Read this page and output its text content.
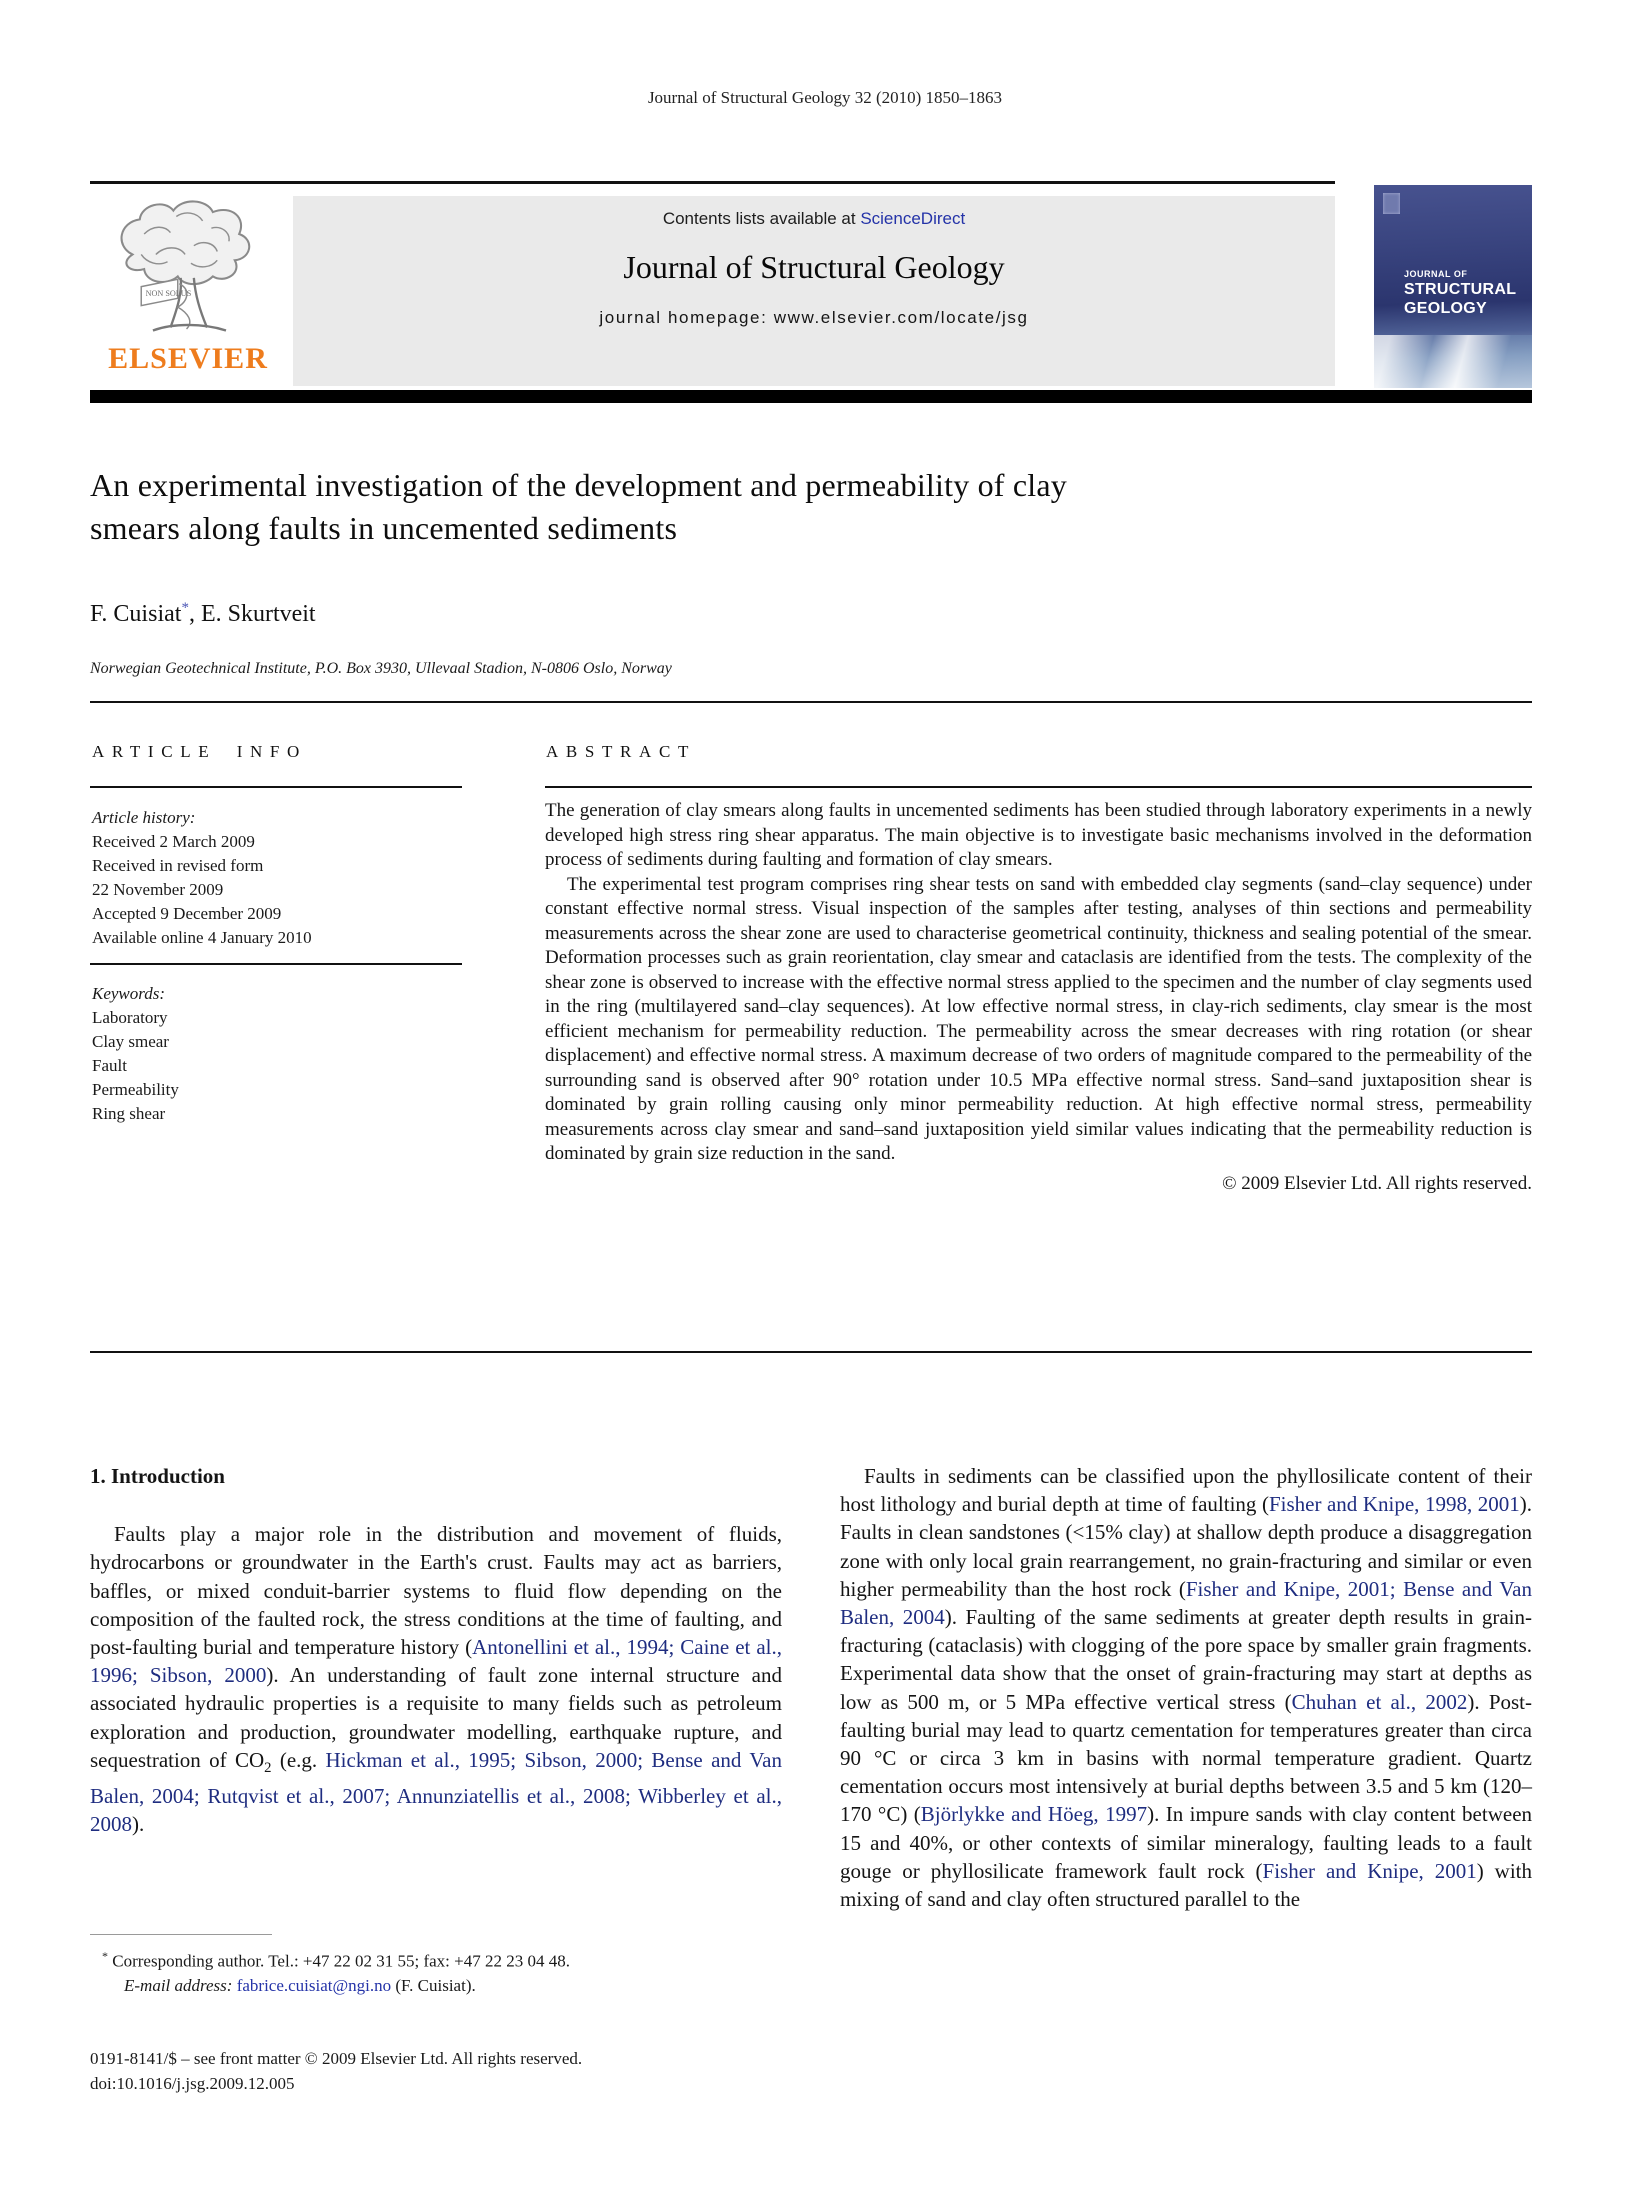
Journal of Structural Geology 32 (2010) 1850–1863
NON SOLUS
ELSEVIER
Contents lists available at ScienceDirect
Journal of Structural Geology
journal homepage: www.elsevier.com/locate/jsg
JOURNAL OF
STRUCTURAL
GEOLOGY
An experimental investigation of the development and permeability of clay smears along faults in uncemented sediments
F. Cuisiat*, E. Skurtveit
Norwegian Geotechnical Institute, P.O. Box 3930, Ullevaal Stadion, N-0806 Oslo, Norway
ARTICLE INFO
Article history:
Received 2 March 2009
Received in revised form
22 November 2009
Accepted 9 December 2009
Available online 4 January 2010
Keywords:
Laboratory
Clay smear
Fault
Permeability
Ring shear
ABSTRACT

The generation of clay smears along faults in uncemented sediments has been studied through laboratory experiments in a newly developed high stress ring shear apparatus. The main objective is to investigate basic mechanisms involved in the deformation process of sediments during faulting and formation of clay smears.

The experimental test program comprises ring shear tests on sand with embedded clay segments (sand–clay sequence) under constant effective normal stress. Visual inspection of the samples after testing, analyses of thin sections and permeability measurements across the shear zone are used to characterise geometrical continuity, thickness and sealing potential of the smear. Deformation processes such as grain reorientation, clay smear and cataclasis are identified from the tests. The complexity of the shear zone is observed to increase with the effective normal stress applied to the specimen and the number of clay segments used in the ring (multilayered sand–clay sequences). At low effective normal stress, in clay-rich sediments, clay smear is the most efficient mechanism for permeability reduction. The permeability across the smear decreases with ring rotation (or shear displacement) and effective normal stress. A maximum decrease of two orders of magnitude compared to the permeability of the surrounding sand is observed after 90° rotation under 10.5 MPa effective normal stress. Sand–sand juxtaposition shear is dominated by grain rolling causing only minor permeability reduction. At high effective normal stress, permeability measurements across clay smear and sand–sand juxtaposition yield similar values indicating that the permeability reduction is dominated by grain size reduction in the sand.

© 2009 Elsevier Ltd. All rights reserved.
1. Introduction

Faults play a major role in the distribution and movement of fluids, hydrocarbons or groundwater in the Earth's crust. Faults may act as barriers, baffles, or mixed conduit-barrier systems to fluid flow depending on the composition of the faulted rock, the stress conditions at the time of faulting, and post-faulting burial and temperature history (Antonellini et al., 1994; Caine et al., 1996; Sibson, 2000). An understanding of fault zone internal structure and associated hydraulic properties is a requisite to many fields such as petroleum exploration and production, groundwater modelling, earthquake rupture, and sequestration of $CO_2$ (e.g. Hickman et al., 1995; Sibson, 2000; Bense and Van Balen, 2004; Rutqvist et al., 2007; Annunziatellis et al., 2008; Wibberley et al., 2008).

Faults in sediments can be classified upon the phyllosilicate content of their host lithology and burial depth at time of faulting (Fisher and Knipe, 1998, 2001). Faults in clean sandstones (<15% clay) at shallow depth produce a disaggregation zone with only local grain rearrangement, no grain-fracturing and similar or even higher permeability than the host rock (Fisher and Knipe, 2001; Bense and Van Balen, 2004). Faulting of the same sediments at greater depth results in grain-fracturing (cataclasis) with clogging of the pore space by smaller grain fragments. Experimental data show that the onset of grain-fracturing may start at depths as low as 500 m, or 5 MPa effective vertical stress (Chuhan et al., 2002). Post-faulting burial may lead to quartz cementation for temperatures greater than circa 90 °C or circa 3 km in basins with normal temperature gradient. Quartz cementation occurs most intensively at burial depths between 3.5 and 5 km (120–170 °C) (Björlykke and Höeg, 1997). In impure sands with clay content between 15 and 40%, or other contexts of similar mineralogy, faulting leads to a fault gouge or phyllosilicate framework fault rock (Fisher and Knipe, 2001) with mixing of sand and clay often structured parallel to the

* Corresponding author. Tel.: +47 22 02 31 55; fax: +47 22 23 04 48.
E-mail address: fabrice.cuisiat@ngi.no (F. Cuisiat).
0191-8141/$ – see front matter © 2009 Elsevier Ltd. All rights reserved.
doi:10.1016/j.jsg.2009.12.005
